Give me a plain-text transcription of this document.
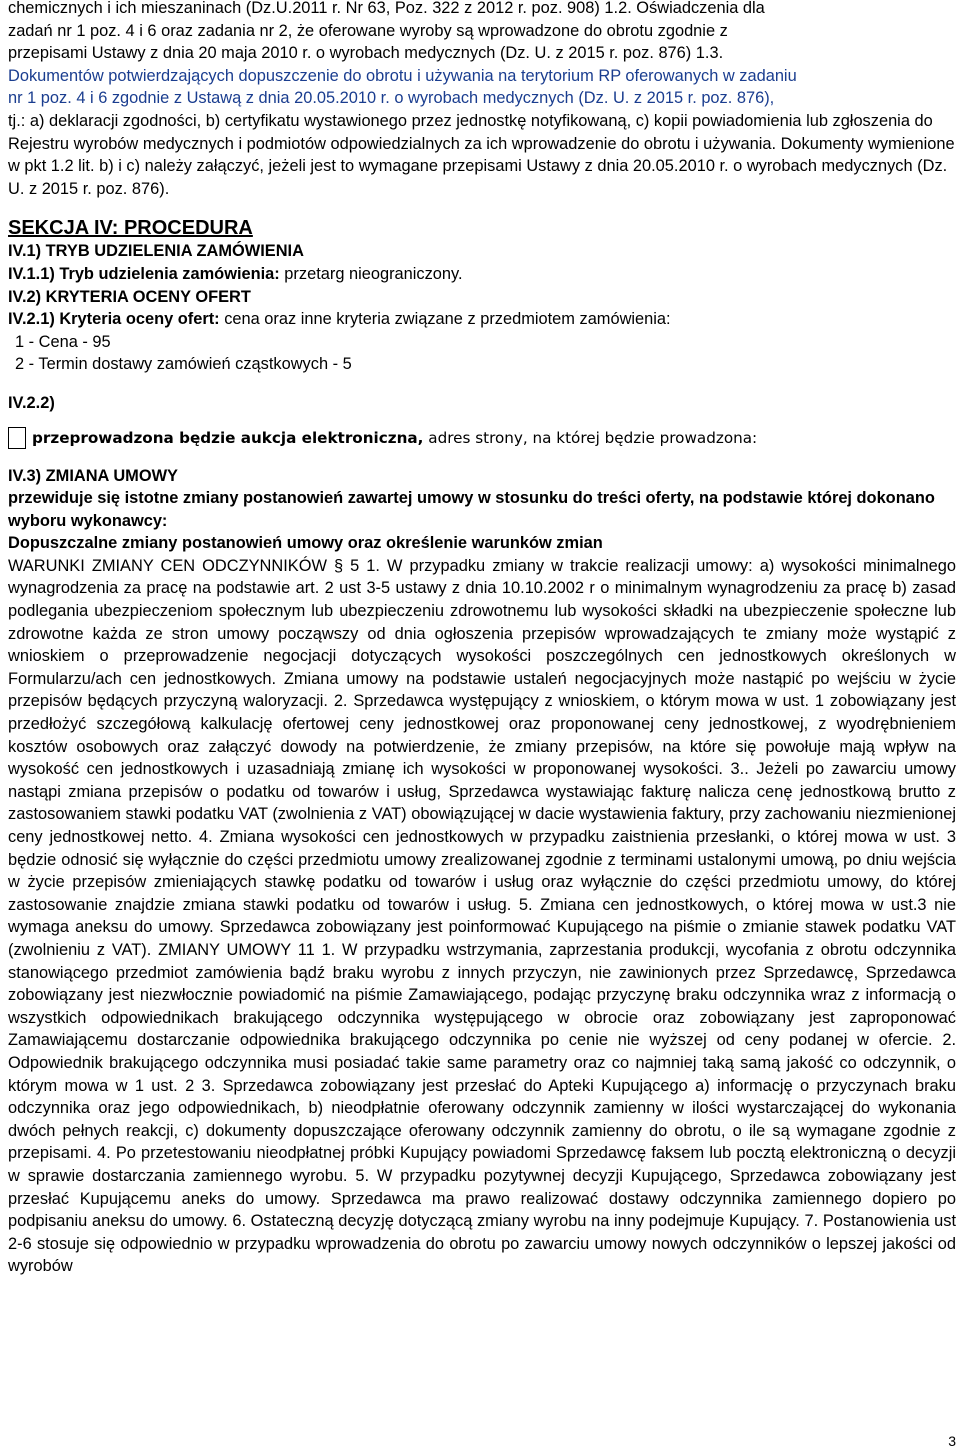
chemicznych i ich mieszaninach (Dz.U.2011 r. Nr 63, Poz. 322 z 2012 r. poz. 908) 1.2. Oświadczenia dla

zadań nr 1 poz. 4 i 6 oraz zadania nr 2, że oferowane wyroby są wprowadzone do obrotu zgodnie z

przepisami Ustawy z dnia 20 maja 2010 r. o wyrobach medycznych (Dz. U. z 2015 r. poz. 876) 1.3.

Dokumentów potwierdzających dopuszczenie do obrotu i używania na terytorium RP oferowanych w zadaniu

nr 1 poz. 4 i 6 zgodnie z Ustawą z dnia 20.05.2010 r. o wyrobach medycznych (Dz. U. z 2015 r. poz. 876),

tj.: a) deklaracji zgodności, b) certyfikatu wystawionego przez jednostkę notyfikowaną, c) kopii powiadomienia lub zgłoszenia do Rejestru wyrobów medycznych i podmiotów odpowiedzialnych za ich wprowadzenie do obrotu i używania. Dokumenty wymienione w pkt 1.2 lit. b) i c) należy załączyć, jeżeli jest to wymagane przepisami Ustawy z dnia 20.05.2010 r. o wyrobach medycznych (Dz. U. z 2015 r. poz. 876).

SEKCJA IV: PROCEDURA

IV.1) TRYB UDZIELENIA ZAMÓWIENIA

IV.1.1) Tryb udzielenia zamówienia: przetarg nieograniczony.

IV.2) KRYTERIA OCENY OFERT

IV.2.1) Kryteria oceny ofert: cena oraz inne kryteria związane z przedmiotem zamówienia:

1 - Cena - 95

2 - Termin dostawy zamówień cząstkowych - 5

IV.2.2)

przeprowadzona będzie aukcja elektroniczna, adres strony, na której będzie prowadzona:

IV.3) ZMIANA UMOWY

przewiduje się istotne zmiany postanowień zawartej umowy w stosunku do treści oferty, na podstawie której dokonano wyboru wykonawcy:

Dopuszczalne zmiany postanowień umowy oraz określenie warunków zmian

WARUNKI ZMIANY CEN ODCZYNNIKÓW § 5 1. W przypadku zmiany w trakcie realizacji umowy: a) wysokości minimalnego wynagrodzenia za pracę na podstawie art. 2 ust 3-5 ustawy z dnia 10.10.2002 r o minimalnym wynagrodzeniu za pracę b) zasad podlegania ubezpieczeniom społecznym lub ubezpieczeniu zdrowotnemu lub wysokości składki na ubezpieczenie społeczne lub zdrowotne każda ze stron umowy począwszy od dnia ogłoszenia przepisów wprowadzających te zmiany może wystąpić z wnioskiem o przeprowadzenie negocjacji dotyczących wysokości poszczególnych cen jednostkowych określonych w Formularzu/ach cen jednostkowych. Zmiana umowy na podstawie ustaleń negocjacyjnych może nastąpić po wejściu w życie przepisów będących przyczyną waloryzacji. 2. Sprzedawca występujący z wnioskiem, o którym mowa w ust. 1 zobowiązany jest przedłożyć szczegółową kalkulację ofertowej ceny jednostkowej oraz proponowanej ceny jednostkowej, z wyodrębnieniem kosztów osobowych oraz załączyć dowody na potwierdzenie, że zmiany przepisów, na które się powołuje mają wpływ na wysokość cen jednostkowych i uzasadniają zmianę ich wysokości w proponowanej wysokości. 3.. Jeżeli po zawarciu umowy nastąpi zmiana przepisów o podatku od towarów i usług, Sprzedawca wystawiając fakturę nalicza cenę jednostkową brutto z zastosowaniem stawki podatku VAT (zwolnienia z VAT) obowiązującej w dacie wystawienia faktury, przy zachowaniu niezmienionej ceny jednostkowej netto. 4. Zmiana wysokości cen jednostkowych w przypadku zaistnienia przesłanki, o której mowa w ust. 3 będzie odnosić się wyłącznie do części przedmiotu umowy zrealizowanej zgodnie z terminami ustalonymi umową, po dniu wejścia w życie przepisów zmieniających stawkę podatku od towarów i usług oraz wyłącznie do części przedmiotu umowy, do której zastosowanie znajdzie zmiana stawki podatku od towarów i usług. 5. Zmiana cen jednostkowych, o której mowa w ust.3 nie wymaga aneksu do umowy. Sprzedawca zobowiązany jest poinformować Kupującego na piśmie o zmianie stawek podatku VAT (zwolnieniu z VAT). ZMIANY UMOWY 11 1. W przypadku wstrzymania, zaprzestania produkcji, wycofania z obrotu odczynnika stanowiącego przedmiot zamówienia bądź braku wyrobu z innych przyczyn, nie zawinionych przez Sprzedawcę, Sprzedawca zobowiązany jest niezwłocznie powiadomić na piśmie Zamawiającego, podając przyczynę braku odczynnika wraz z informacją o wszystkich odpowiednikach brakującego odczynnika występującego w obrocie oraz zobowiązany jest zaproponować Zamawiającemu dostarczanie odpowiednika brakującego odczynnika po cenie nie wyższej od ceny podanej w ofercie. 2. Odpowiednik brakującego odczynnika musi posiadać takie same parametry oraz co najmniej taką samą jakość co odczynnik, o którym mowa w 1 ust. 2 3. Sprzedawca zobowiązany jest przesłać do Apteki Kupującego a) informację o przyczynach braku odczynnika oraz jego odpowiednikach, b) nieodpłatnie oferowany odczynnik zamienny w ilości wystarczającej do wykonania dwóch pełnych reakcji, c) dokumenty dopuszczające oferowany odczynnik zamienny do obrotu, o ile są wymagane zgodnie z przepisami. 4. Po przetestowaniu nieodpłatnej próbki Kupujący powiadomi Sprzedawcę faksem lub pocztą elektroniczną o decyzji w sprawie dostarczania zamiennego wyrobu. 5. W przypadku pozytywnej decyzji Kupującego, Sprzedawca zobowiązany jest przesłać Kupującemu aneks do umowy. Sprzedawca ma prawo realizować dostawy odczynnika zamiennego dopiero po podpisaniu aneksu do umowy. 6. Ostateczną decyzję dotyczącą zmiany wyrobu na inny podejmuje Kupujący. 7. Postanowienia ust 2-6 stosuje się odpowiednio w przypadku wprowadzenia do obrotu po zawarciu umowy nowych odczynników o lepszej jakości od wyrobów

3
